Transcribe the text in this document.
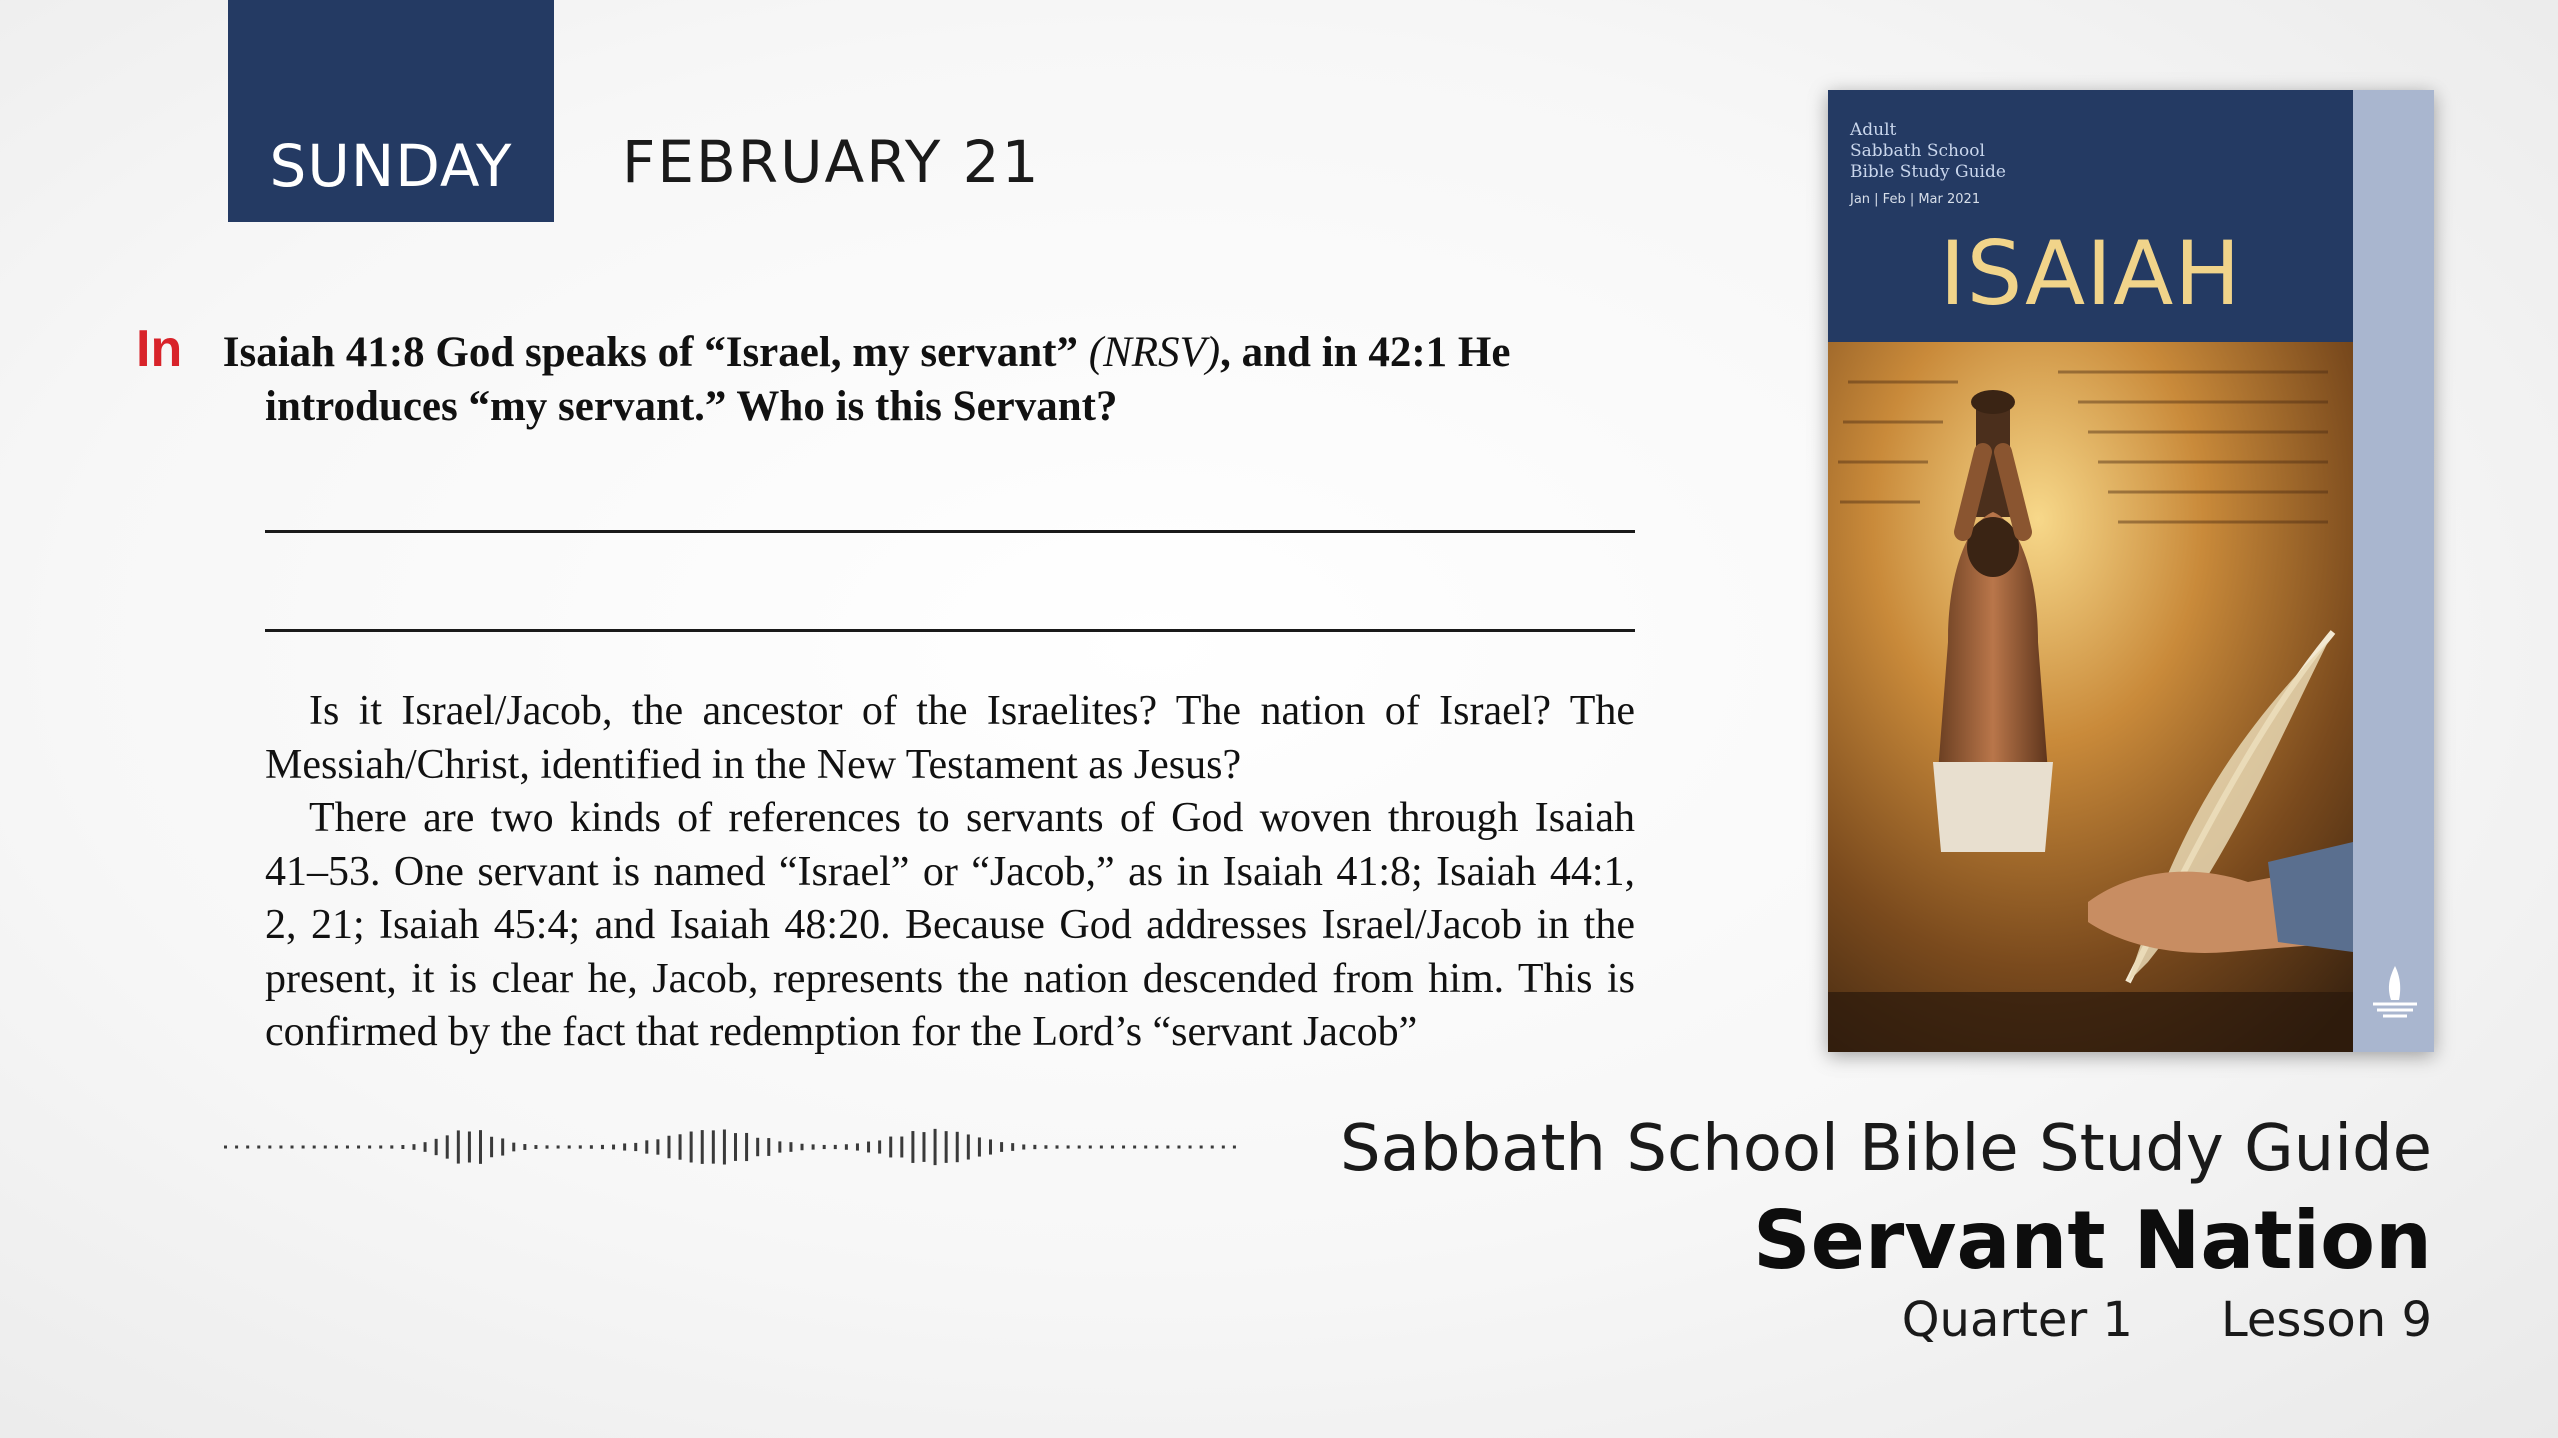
SUNDAY FEBRUARY 21
In Isaiah 41:8 God speaks of “Israel, my servant” (NRSV), and in 42:1 He
introduces “my servant.” Who is this Servant?

Is it Israel/Jacob, the ancestor of the Israelites? The nation of Israel? The Messiah/Christ, identified in the New Testament as Jesus?

There are two kinds of references to servants of God woven through Isaiah 41–53. One servant is named “Israel” or “Jacob,” as in Isaiah 41:8; Isaiah 44:1, 2, 21; Isaiah 45:4; and Isaiah 48:20. Because God addresses Israel/Jacob in the present, it is clear he, Jacob, represents the nation descended from him. This is confirmed by the fact that redemption for the Lord’s “servant Jacob”

Adult
Sabbath School
Bible Study Guide
Jan | Feb | Mar 2021
ISAIAH
Sabbath School Bible Study Guide
Servant Nation
Quarter 1 Lesson 9
